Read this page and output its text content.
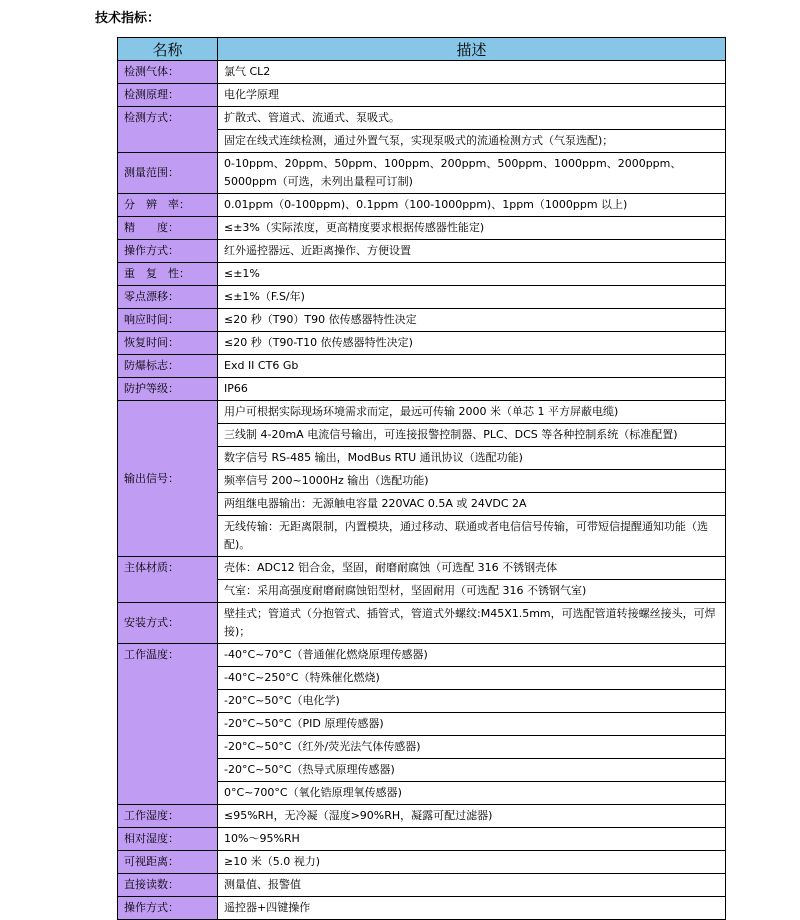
技术指标：
名称	描述
检测气体：	氯气 CL2
检测原理：	电化学原理
检测方式：	扩散式、管道式、流通式、泵吸式。
	固定在线式连续检测，通过外置气泵，实现泵吸式的流通检测方式（气泵选配)；
测量范围：	0-10ppm、20ppm、50ppm、100ppm、200ppm、500ppm、1000ppm、2000ppm、5000ppm（可选，未列出量程可订制)
分　辨　率：	0.01ppm（0-100ppm)、0.1ppm（100-1000ppm)、1ppm（1000ppm 以上)
精　　度：	≤±3%（实际浓度，更高精度要求根据传感器性能定)
操作方式：	红外遥控器远、近距离操作、方便设置
重　复　性：	≤±1%
零点漂移：	≤±1%（F.S/年)
响应时间：	≤20 秒（T90）T90 依传感器特性决定
恢复时间：	≤20 秒（T90-T10 依传感器特性决定)
防爆标志：	Exd II CT6 Gb
防护等级：	IP66
输出信号：	用户可根据实际现场环境需求而定，最远可传输 2000 米（单芯 1 平方屏蔽电缆)
	三线制 4-20mA 电流信号输出，可连接报警控制器、PLC、DCS 等各种控制系统（标准配置)
	数字信号 RS-485 输出，ModBus RTU 通讯协议（选配功能)
	频率信号 200~1000Hz 输出（选配功能)
	两组继电器输出：无源触电容量 220VAC 0.5A 或 24VDC 2A
	无线传输：无距离限制，内置模块，通过移动、联通或者电信信号传输，可带短信提醒通知功能（选配)。
主体材质：	壳体：ADC12 铝合金，坚固，耐磨耐腐蚀（可选配 316 不锈钢壳体
	气室：采用高强度耐磨耐腐蚀铝型材，坚固耐用（可选配 316 不锈钢气室)
安装方式：	壁挂式；管道式（分抱管式、插管式，管道式外螺纹:M45X1.5mm，可选配管道转接螺丝接头，可焊接)；
工作温度：	-40°C~70°C（普通催化燃烧原理传感器)
	-40°C~250°C（特殊催化燃烧)
	-20°C~50°C（电化学)
	-20°C~50°C（PID 原理传感器)
	-20°C~50°C（红外/荧光法气体传感器)
	-20°C~50°C（热导式原理传感器)
	0°C~700°C（氧化锆原理氧传感器)
工作湿度：	≤95%RH，无冷凝（湿度>90%RH，凝露可配过滤器)
相对湿度：	10%～95%RH
可视距离：	≥10 米（5.0 视力)
直接读数：	测量值、报警值
操作方式：	遥控器+四键操作
